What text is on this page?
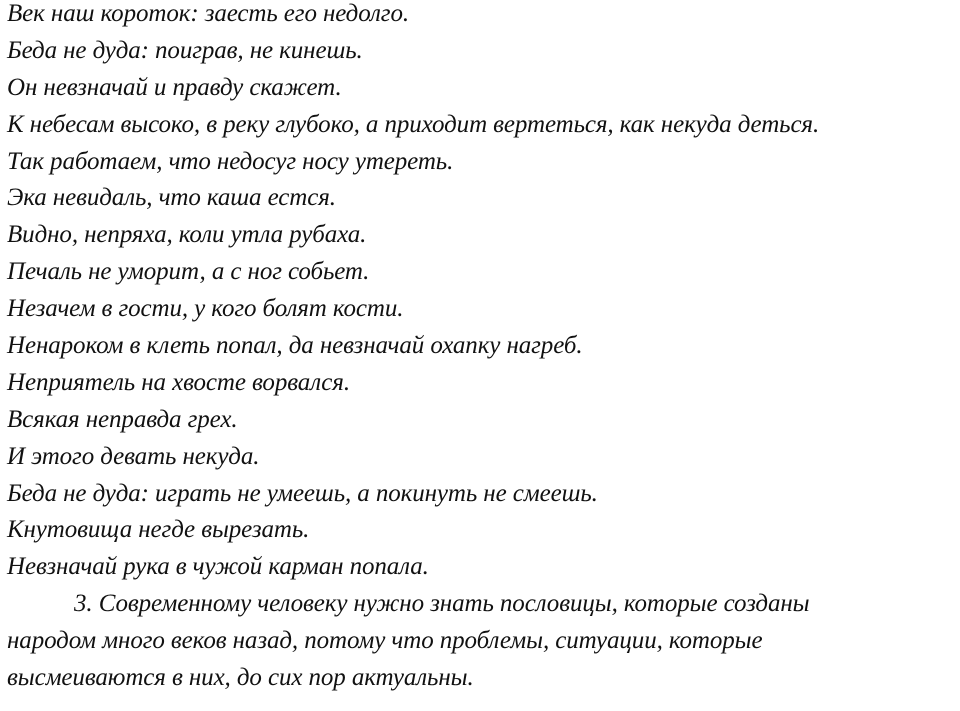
Век наш короток: заесть его недолго.
Беда не дуда: поиграв, не кинешь.
Он невзначай и правду скажет.
К небесам высоко, в реку глубоко, а приходит вертеться, как некуда деться.
Так работаем, что недосуг носу утереть.
Эка невидаль, что каша естся.
Видно, непряха, коли утла рубаха.
Печаль не уморит, а с ног собьет.
Незачем в гости, у кого болят кости.
Ненароком в клеть попал, да невзначай охапку нагреб.
Неприятель на хвосте ворвался.
Всякая неправда грех.
И этого девать некуда.
Беда не дуда: играть не умеешь, а покинуть не смеешь.
Кнутовища негде вырезать.
Невзначай рука в чужой карман попала.
3. Современному человеку нужно знать пословицы, которые созданы
народом много веков назад, потому что проблемы, ситуации, которые
высмеиваются в них, до сих пор актуальны.
